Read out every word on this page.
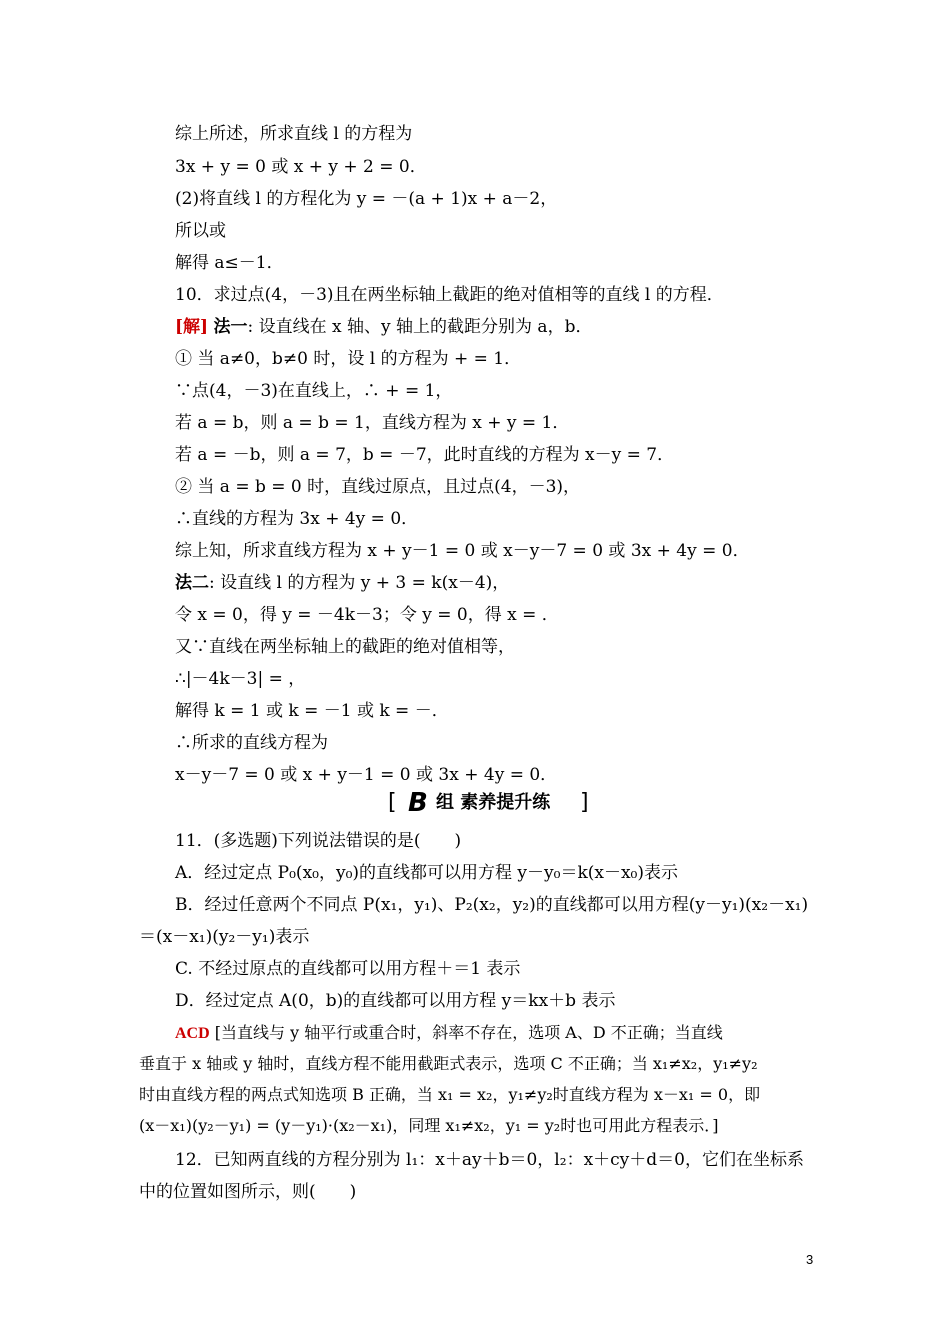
综上所述，所求直线 l 的方程为
3x + y = 0 或 x + y + 2 = 0．
(2)将直线 l 的方程化为 y = －(a + 1)x + a－2，
所以或
解得 a≤－1．
10．求过点(4，－3)且在两坐标轴上截距的绝对值相等的直线 l 的方程．
[解] 法一: 设直线在 x 轴、y 轴上的截距分别为 a，b．
① 当 a≠0，b≠0 时，设 l 的方程为 + = 1．
∵点(4，－3)在直线上，∴ + = 1，
若 a = b，则 a = b = 1，直线方程为 x + y = 1．
若 a = －b，则 a = 7，b = －7，此时直线的方程为 x－y = 7．
② 当 a = b = 0 时，直线过原点，且过点(4，－3)，
∴直线的方程为 3x + 4y = 0．
综上知，所求直线方程为 x + y－1 = 0 或 x－y－7 = 0 或 3x + 4y = 0．
法二: 设直线 l 的方程为 y + 3 = k(x－4)，
令 x = 0，得 y = －4k－3；令 y = 0，得 x = ．
又∵直线在两坐标轴上的截距的绝对值相等，
∴|－4k－3| = ，
解得 k = 1 或 k = －1 或 k = －．
∴所求的直线方程为
x－y－7 = 0 或 x + y－1 = 0 或 3x + 4y = 0．
[ B 组 素养提升练 ]
11．(多选题)下列说法错误的是(　　)
A．经过定点 P₀(x₀，y₀)的直线都可以用方程 y－y₀＝k(x－x₀)表示
B．经过任意两个不同点 P(x₁，y₁)、P₂(x₂，y₂)的直线都可以用方程(y－y₁)(x₂－x₁)
＝(x－x₁)(y₂－y₁)表示
C. 不经过原点的直线都可以用方程＋＝1 表示
D．经过定点 A(0，b)的直线都可以用方程 y＝kx＋b 表示
ACD [当直线与 y 轴平行或重合时，斜率不存在，选项 A、D 不正确；当直线
垂直于 x 轴或 y 轴时，直线方程不能用截距式表示，选项 C 不正确；当 x₁≠x₂，y₁≠y₂
时由直线方程的两点式知选项 B 正确，当 x₁ = x₂，y₁≠y₂时直线方程为 x－x₁ = 0，即
(x－x₁)(y₂－y₁) = (y－y₁)·(x₂－x₁)，同理 x₁≠x₂，y₁ = y₂时也可用此方程表示．]
12．已知两直线的方程分别为 l₁：x＋ay＋b＝0，l₂：x＋cy＋d＝0，它们在坐标系
中的位置如图所示，则(　　)
3
